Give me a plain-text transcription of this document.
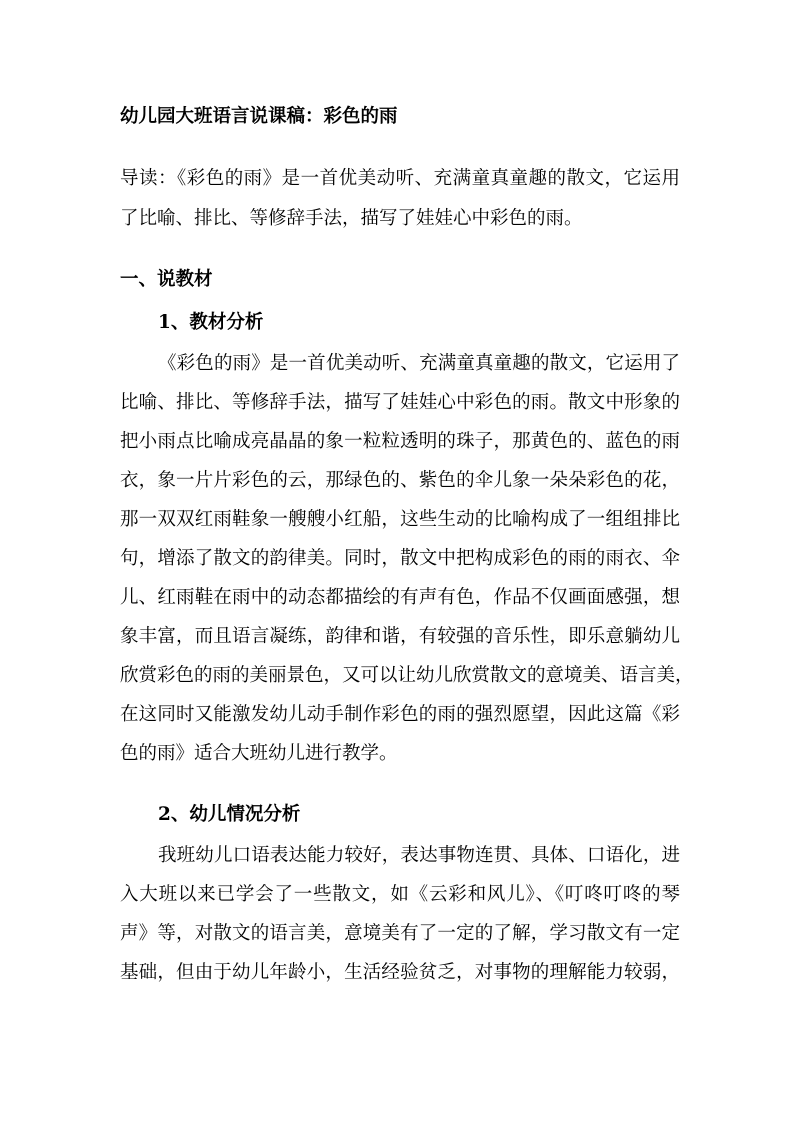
幼儿园大班语言说课稿：彩色的雨
导读：《彩色的雨》是一首优美动听、充满童真童趣的散文，它运用
了比喻、排比、等修辞手法，描写了娃娃心中彩色的雨。
一、说教材
1、教材分析
《彩色的雨》是一首优美动听、充满童真童趣的散文，它运用了
比喻、排比、等修辞手法，描写了娃娃心中彩色的雨。散文中形象的
把小雨点比喻成亮晶晶的象一粒粒透明的珠子，那黄色的、蓝色的雨
衣，象一片片彩色的云，那绿色的、紫色的伞儿象一朵朵彩色的花，
那一双双红雨鞋象一艘艘小红船，这些生动的比喻构成了一组组排比
句，增添了散文的韵律美。同时，散文中把构成彩色的雨的雨衣、伞
儿、红雨鞋在雨中的动态都描绘的有声有色，作品不仅画面感强，想
象丰富，而且语言凝练，韵律和谐，有较强的音乐性，即乐意躺幼儿
欣赏彩色的雨的美丽景色，又可以让幼儿欣赏散文的意境美、语言美，
在这同时又能激发幼儿动手制作彩色的雨的强烈愿望，因此这篇《彩
色的雨》适合大班幼儿进行教学。
2、幼儿情况分析
我班幼儿口语表达能力较好，表达事物连贯、具体、口语化，进
入大班以来已学会了一些散文，如《云彩和风儿》、《叮咚叮咚的琴
声》等，对散文的语言美，意境美有了一定的了解，学习散文有一定
基础，但由于幼儿年龄小，生活经验贫乏，对事物的理解能力较弱，
